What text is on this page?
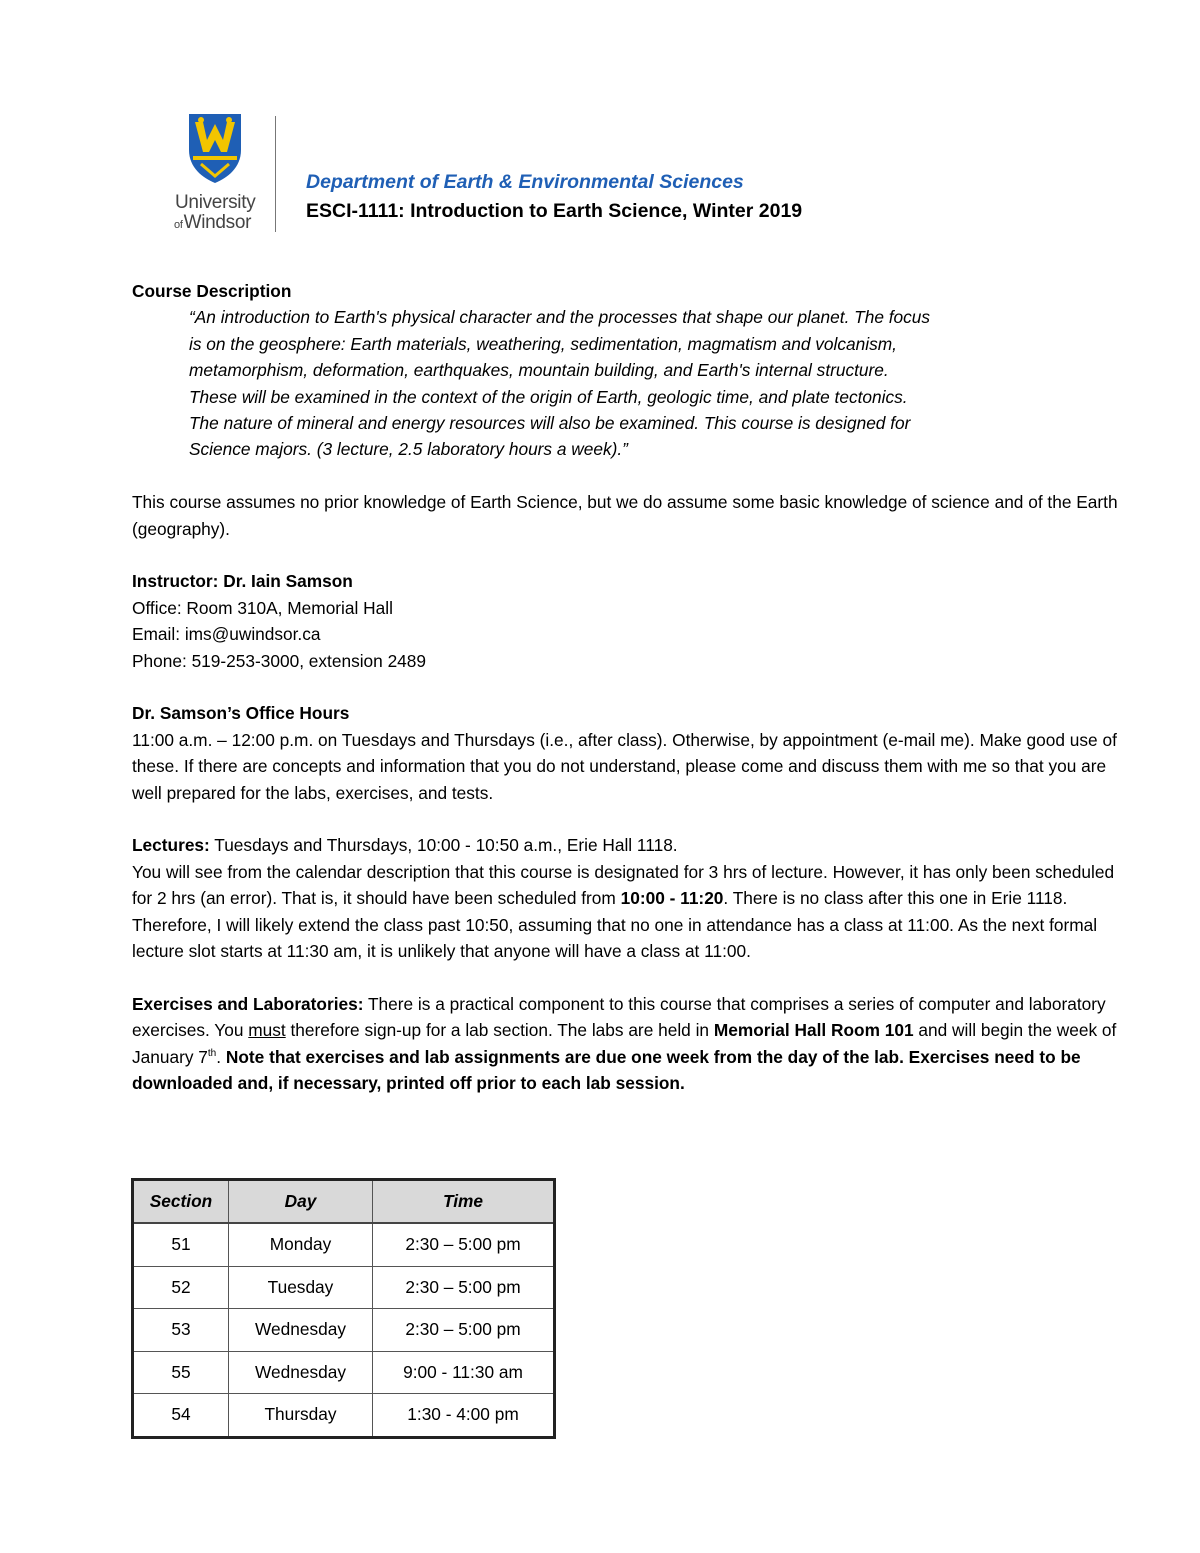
University
ofWindsor
Department of Earth & Environmental Sciences
ESCI-1111: Introduction to Earth Science, Winter 2019

Course Description

“An introduction to Earth's physical character and the processes that shape our planet. The focus

is on the geosphere: Earth materials, weathering, sedimentation, magmatism and volcanism,

metamorphism, deformation, earthquakes, mountain building, and Earth's internal structure.

These will be examined in the context of the origin of Earth, geologic time, and plate tectonics.

The nature of mineral and energy resources will also be examined. This course is designed for

Science majors. (3 lecture, 2.5 laboratory hours a week).”

This course assumes no prior knowledge of Earth Science, but we do assume some basic knowledge of science and of the Earth (geography).

Instructor: Dr. Iain Samson

Office: Room 310A, Memorial Hall

Email: ims@uwindsor.ca

Phone: 519-253-3000, extension 2489

Dr. Samson’s Office Hours

11:00 a.m. – 12:00 p.m. on Tuesdays and Thursdays (i.e., after class). Otherwise, by appointment (e-mail me). Make good use of these. If there are concepts and information that you do not understand, please come and discuss them with me so that you are well prepared for the labs, exercises, and tests.

Lectures: Tuesdays and Thursdays, 10:00 - 10:50 a.m., Erie Hall 1118.

You will see from the calendar description that this course is designated for 3 hrs of lecture. However, it has only been scheduled for 2 hrs (an error). That is, it should have been scheduled from 10:00 - 11:20. There is no class after this one in Erie 1118. Therefore, I will likely extend the class past 10:50, assuming that no one in attendance has a class at 11:00. As the next formal lecture slot starts at 11:30 am, it is unlikely that anyone will have a class at 11:00.

Exercises and Laboratories: There is a practical component to this course that comprises a series of computer and laboratory exercises. You must therefore sign-up for a lab section. The labs are held in Memorial Hall Room 101 and will begin the week of January 7th. Note that exercises and lab assignments are due one week from the day of the lab. Exercises need to be downloaded and, if necessary, printed off prior to each lab session.

Section	Day	Time
51	Monday	2:30 – 5:00 pm
52	Tuesday	2:30 – 5:00 pm
53	Wednesday	2:30 – 5:00 pm
55	Wednesday	9:00 - 11:30 am
54	Thursday	1:30 - 4:00 pm
